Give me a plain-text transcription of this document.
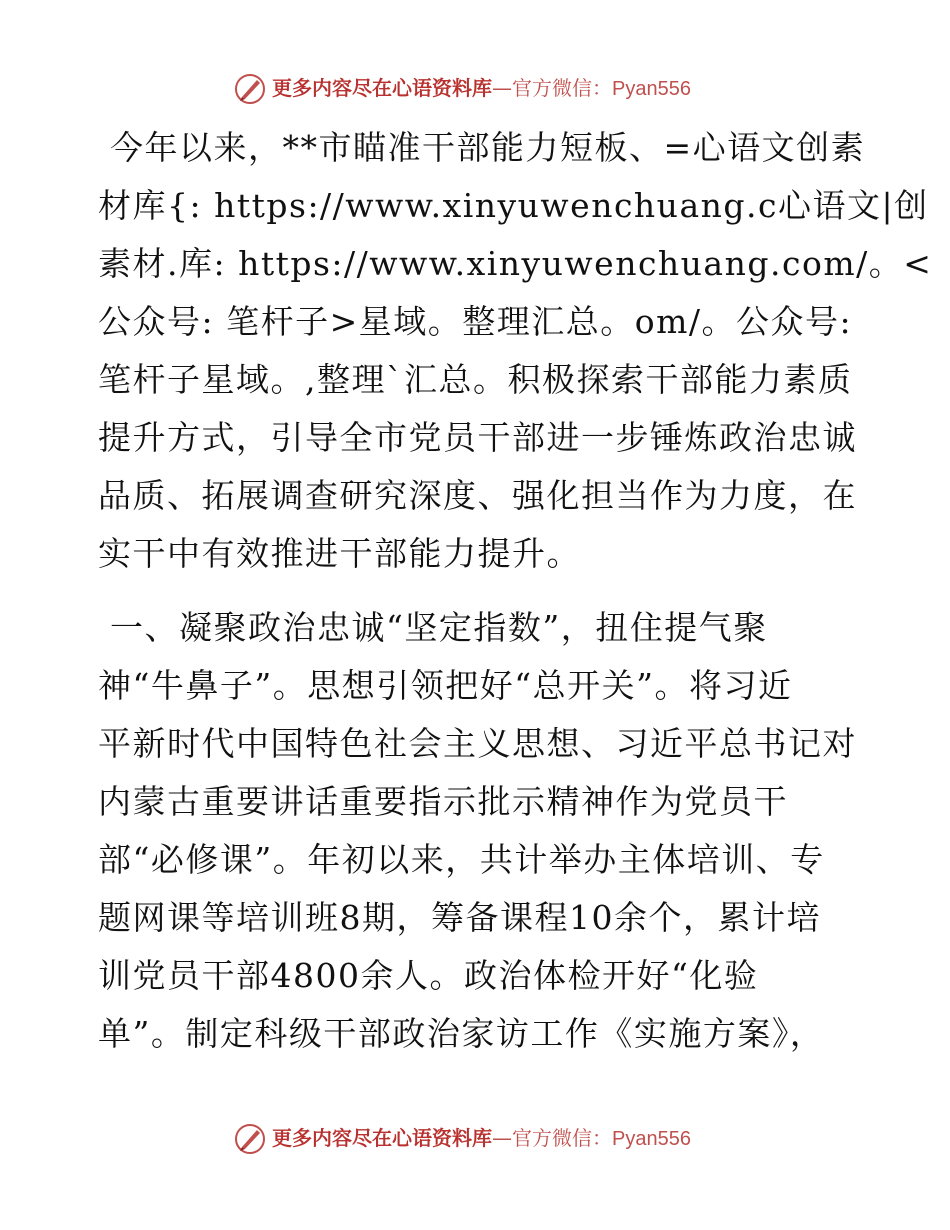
更多内容尽在心语资料库—官方微信：Pyan556
今年以来，**市瞄准干部能力短板、=心语文创素
材库{: https://www.xinyuwenchuang.c心语文|创
素材.库: https://www.xinyuwenchuang.com/。<
公众号: 笔杆子>星域。整理汇总。om/。公众号:
笔杆子星域。,整理`汇总。积极探索干部能力素质
提升方式，引导全市党员干部进一步锤炼政治忠诚
品质、拓展调查研究深度、强化担当作为力度，在
实干中有效推进干部能力提升。
一、凝聚政治忠诚“坚定指数”，扭住提气聚
神“牛鼻子”。思想引领把好“总开关”。将习近
平新时代中国特色社会主义思想、习近平总书记对
内蒙古重要讲话重要指示批示精神作为党员干
部“必修课”。年初以来，共计举办主体培训、专
题网课等培训班8期，筹备课程10余个，累计培
训党员干部4800余人。政治体检开好“化验
单”。制定科级干部政治家访工作《实施方案》，
更多内容尽在心语资料库—官方微信：Pyan556
